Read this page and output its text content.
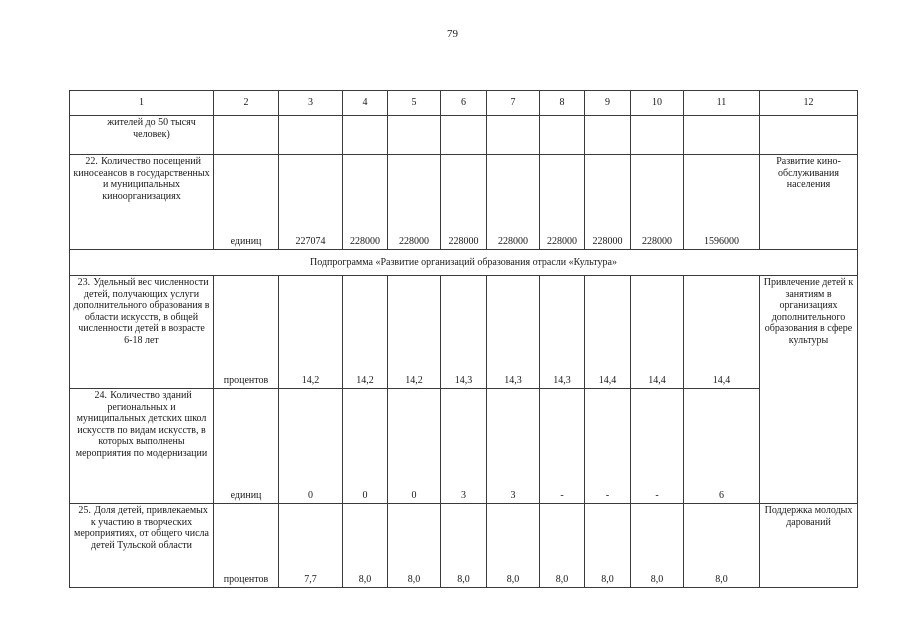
79
1	2	3	4	5	6	7	8	9	10	11	12
жителей до 50 тысяч человек)											
22. Количество посещений киносеансов в государственных и муниципальных кинoорганизациях	единиц	227074	228000	228000	228000	228000	228000	228000	228000	1596000	Развитие кино-обслуживания населения
Подпрограмма «Развитие организаций образования отрасли «Культура»											
23. Удельный вес численности детей, получающих услуги дополнительного образования в области искусств, в общей численности детей в возрасте 6-18 лет	процентов	14,2	14,2	14,2	14,3	14,3	14,3	14,4	14,4	14,4	Привлечение детей к занятиям в организациях дополнительного образования в сфере культуры
24. Количество зданий региональных и муниципальных детских школ искусств по видам искусств, в которых выполнены мероприятия по модернизации	единиц	0	0	0	3	3	-	-	-	6	
25. Доля детей, привлекаемых к участию в творческих мероприятиях, от общего числа детей Тульской области	процентов	7,7	8,0	8,0	8,0	8,0	8,0	8,0	8,0	8,0	Поддержка молодых дарований
